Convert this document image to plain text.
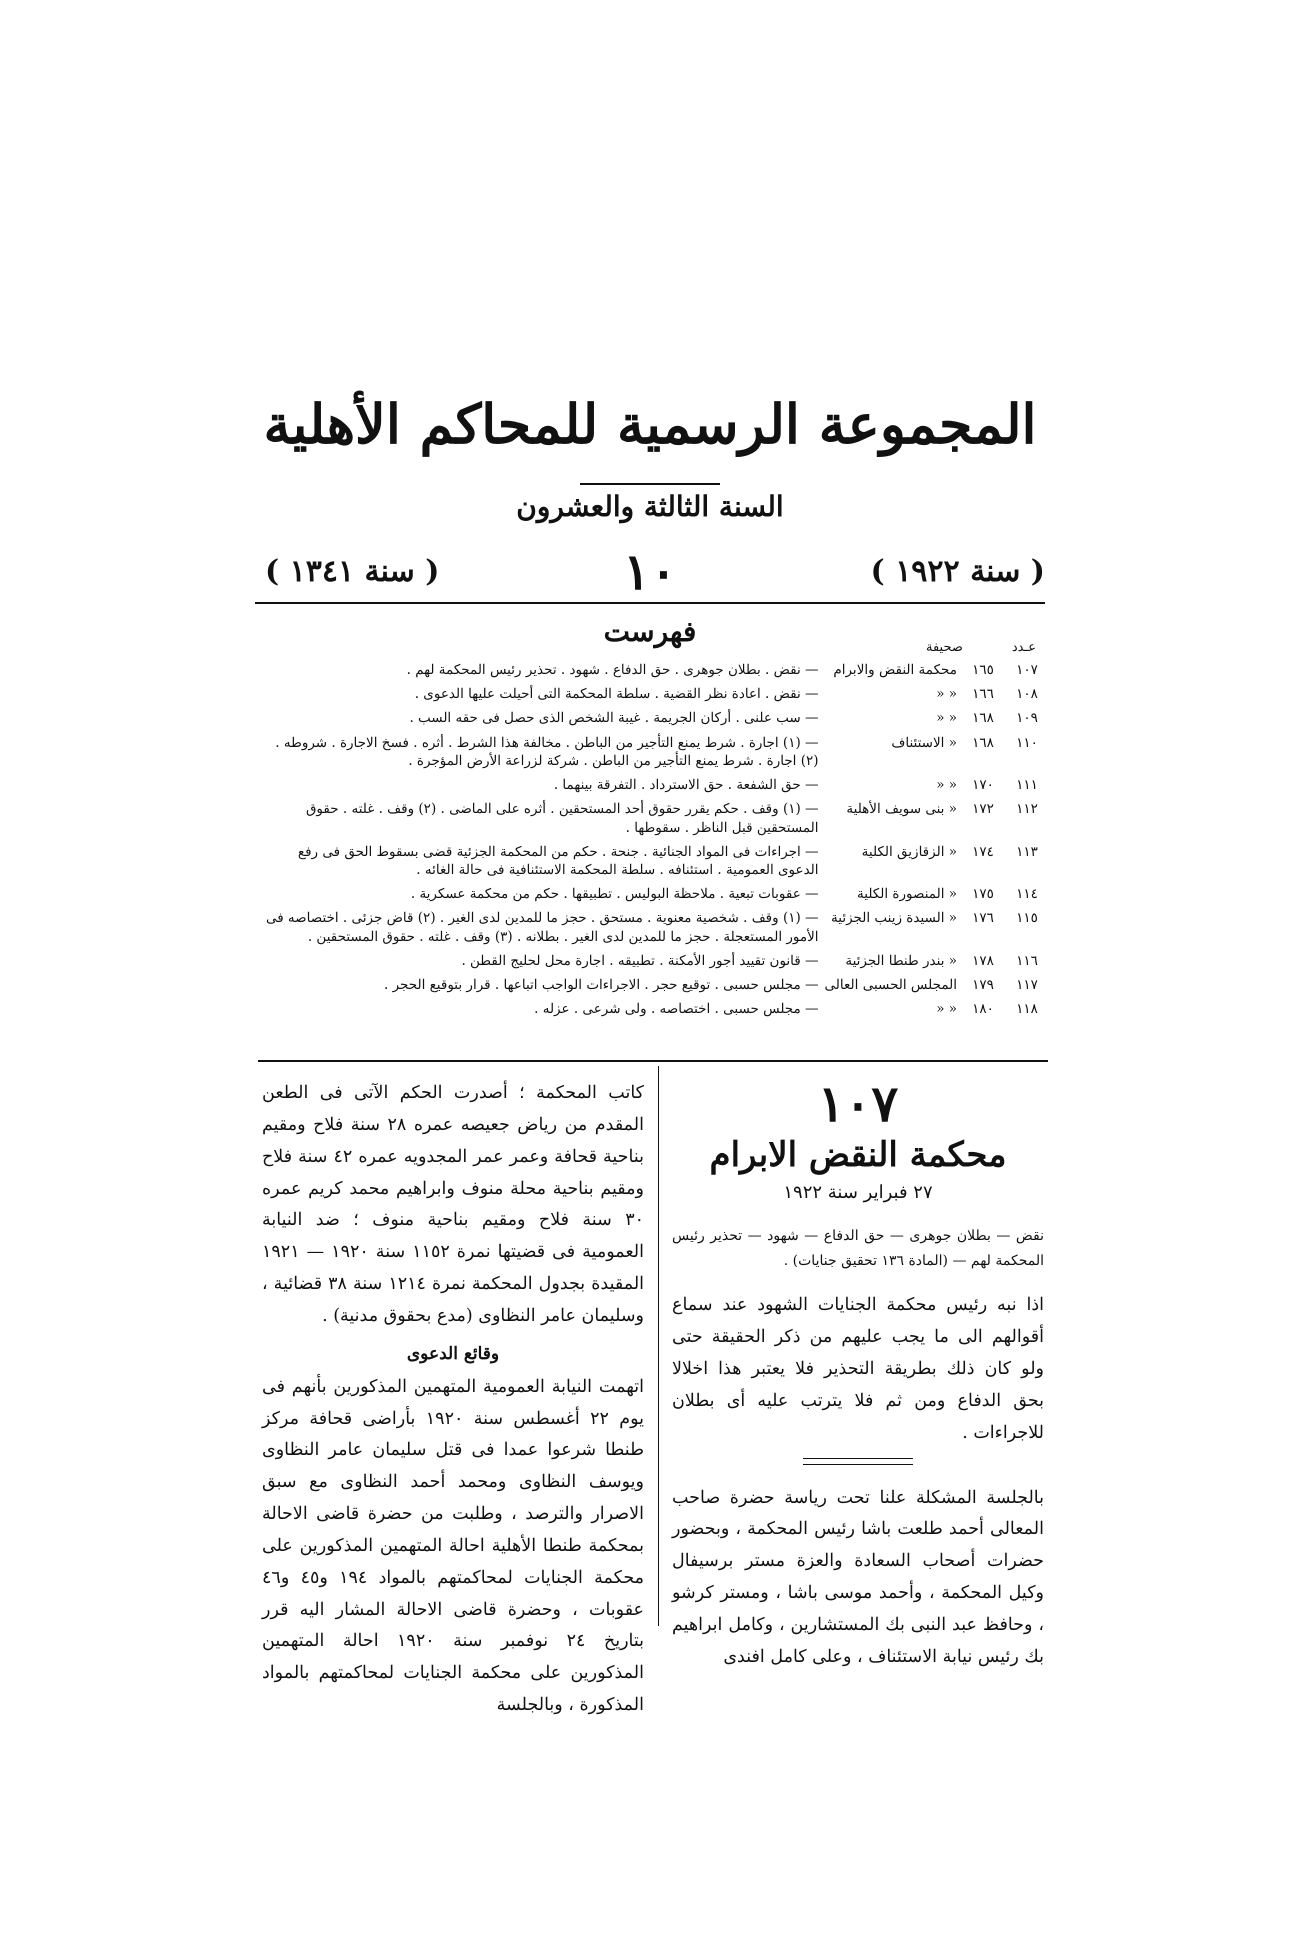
المجموعة الرسمية للمحاكم الأهلية
السنة الثالثة والعشرون
( سنة ١٩٢٢ )
١٠
( سنة ١٣٤١ )
فهرست	عـدد
صحيفة
١٠٧	١٦٥	محكمة النقض والابرام	— نقض . بطلان جوهرى . حق الدفاع . شهود . تحذير رئيس المحكمة لهم .
١٠٨	١٦٦	« «	— نقض . اعادة نظر القضية . سلطة المحكمة التى أحيلت عليها الدعوى .
١٠٩	١٦٨	« «	— سب علنى . أركان الجريمة . غيبة الشخص الذى حصل فى حقه السب .
١١٠	١٦٨	« الاستئناف	— (١) اجارة . شرط يمنع التأجير من الباطن . مخالفة هذا الشرط . أثره . فسخ الاجارة . شروطه . (٢) اجارة . شرط يمنع التأجير من الباطن . شركة لزراعة الأرض المؤجرة .
١١١	١٧٠	« «	— حق الشفعة . حق الاسترداد . التفرقة بينهما .
١١٢	١٧٢	« بنى سويف الأهلية	— (١) وقف . حكم يقرر حقوق أحد المستحقين . أثره على الماضى . (٢) وقف . غلته . حقوق المستحقين قبل الناظر . سقوطها .
١١٣	١٧٤	« الزقازيق الكلية	— اجراءات فى المواد الجنائية . جنحة . حكم من المحكمة الجزئية قضى بسقوط الحق فى رفع الدعوى العمومية . استئنافه . سلطة المحكمة الاستئنافية فى حالة الغائه .
١١٤	١٧٥	« المنصورة الكلية	— عقوبات تبعية . ملاحظة البوليس . تطبيقها . حكم من محكمة عسكرية .
١١٥	١٧٦	« السيدة زينب الجزئية	— (١) وقف . شخصية معنوية . مستحق . حجز ما للمدين لدى الغير . (٢) قاض جزئى . اختصاصه فى الأمور المستعجلة . حجز ما للمدين لدى الغير . بطلانه . (٣) وقف . غلته . حقوق المستحقين .
١١٦	١٧٨	« بندر طنطا الجزئية	— قانون تقييد أجور الأمكنة . تطبيقه . اجارة محل لحليج القطن .
١١٧	١٧٩	المجلس الحسبى العالى	— مجلس حسبى . توقيع حجر . الاجراءات الواجب اتباعها . قرار بتوقيع الحجر .
١١٨	١٨٠	« «	— مجلس حسبى . اختصاصه . ولى شرعى . عزله .
١٠٧
محكمة النقض الابرام
٢٧ فبراير سنة ١٩٢٢

نقض — بطلان جوهرى — حق الدفاع — شهود — تحذير رئيس المحكمة لهم — (المادة ١٣٦ تحقيق جنايات) .

اذا نبه رئيس محكمة الجنايات الشهود عند سماع أقوالهم الى ما يجب عليهم من ذكر الحقيقة حتى ولو كان ذلك بطريقة التحذير فلا يعتبر هذا اخلالا بحق الدفاع ومن ثم فلا يترتب عليه أى بطلان للاجراءات .

بالجلسة المشكلة علنا تحت رياسة حضرة صاحب المعالى أحمد طلعت باشا رئيس المحكمة ، وبحضور حضرات أصحاب السعادة والعزة مستر برسيفال وكيل المحكمة ، وأحمد موسى باشا ، ومستر كرشو ، وحافظ عبد النبى بك المستشارين ، وكامل ابراهيم بك رئيس نيابة الاستئناف ، وعلى كامل افندى

كاتب المحكمة ؛ أصدرت الحكم الآتى فى الطعن المقدم من رياض جعيصه عمره ٢٨ سنة فلاح ومقيم بناحية قحافة وعمر عمر المجدويه عمره ٤٢ سنة فلاح ومقيم بناحية محلة منوف وابراهيم محمد كريم عمره ٣٠ سنة فلاح ومقيم بناحية منوف ؛ ضد النيابة العمومية فى قضيتها نمرة ١١٥٢ سنة ١٩٢٠ — ١٩٢١ المقيدة بجدول المحكمة نمرة ١٢١٤ سنة ٣٨ قضائية ، وسليمان عامر النظاوى (مدع بحقوق مدنية) .

وقائع الدعوى

اتهمت النيابة العمومية المتهمين المذكورين بأنهم فى يوم ٢٢ أغسطس سنة ١٩٢٠ بأراضى قحافة مركز طنطا شرعوا عمدا فى قتل سليمان عامر النظاوى ويوسف النظاوى ومحمد أحمد النظاوى مع سبق الاصرار والترصد ، وطلبت من حضرة قاضى الاحالة بمحكمة طنطا الأهلية احالة المتهمين المذكورين على محكمة الجنايات لمحاكمتهم بالمواد ١٩٤ و٤٥ و٤٦ عقوبات ، وحضرة قاضى الاحالة المشار اليه قرر بتاريخ ٢٤ نوفمبر سنة ١٩٢٠ احالة المتهمين المذكورين على محكمة الجنايات لمحاكمتهم بالمواد المذكورة ، وبالجلسة
